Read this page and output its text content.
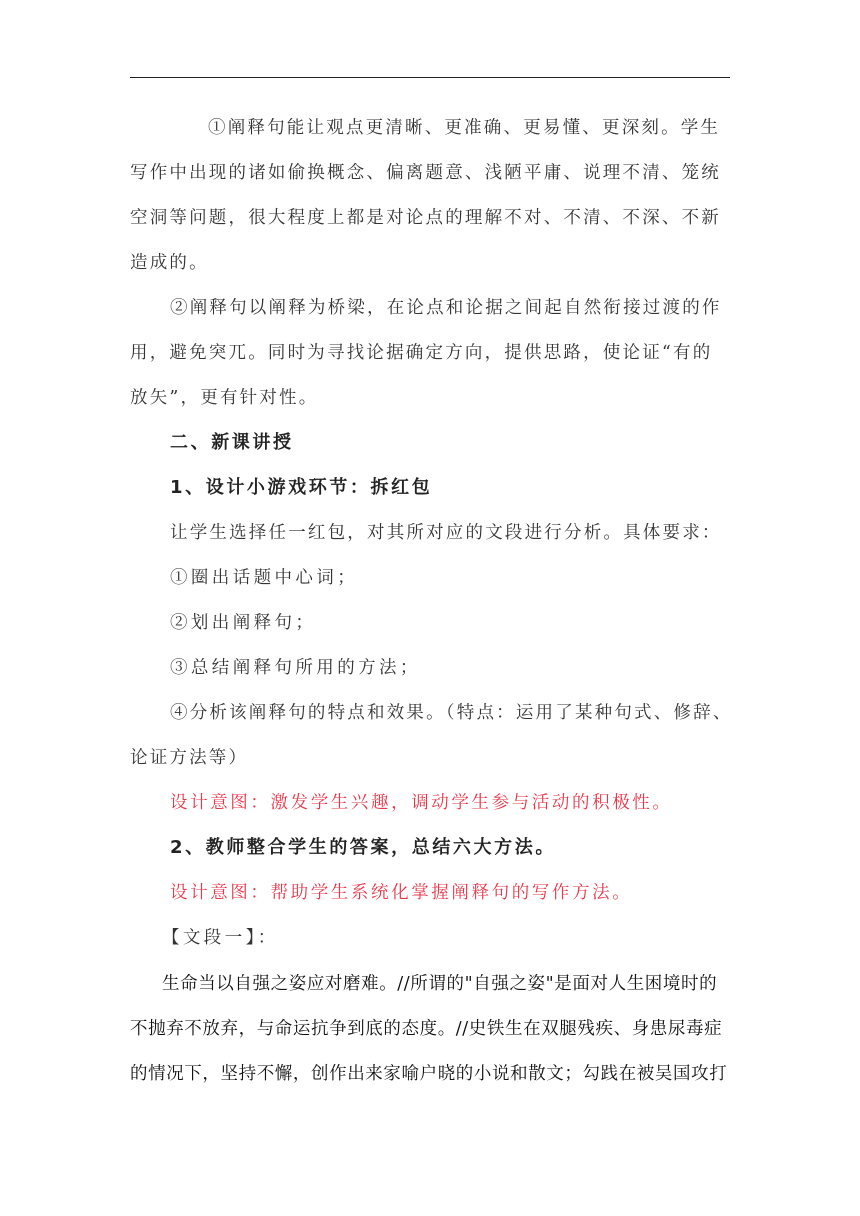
①阐释句能让观点更清晰、更准确、更易懂、更深刻。学生

写作中出现的诸如偷换概念、偏离题意、浅陋平庸、说理不清、笼统

空洞等问题，很大程度上都是对论点的理解不对、不清、不深、不新

造成的。

②阐释句以阐释为桥梁，在论点和论据之间起自然衔接过渡的作

用，避免突兀。同时为寻找论据确定方向，提供思路，使论证“有的

放矢”，更有针对性。

二、新课讲授

1、设计小游戏环节：拆红包

让学生选择任一红包，对其所对应的文段进行分析。具体要求：

①圈出话题中心词；

②划出阐释句；

③总结阐释句所用的方法；

④分析该阐释句的特点和效果。（特点：运用了某种句式、修辞、

论证方法等）

设计意图：激发学生兴趣，调动学生参与活动的积极性。

2、教师整合学生的答案，总结六大方法。

设计意图：帮助学生系统化掌握阐释句的写作方法。

【文段一】：

生命当以自强之姿应对磨难。//所谓的"自强之姿"是面对人生困境时的

不抛弃不放弃，与命运抗争到底的态度。//史铁生在双腿残疾、身患尿毒症

的情况下，坚持不懈，创作出来家喻户晓的小说和散文；勾践在被吴国攻打
